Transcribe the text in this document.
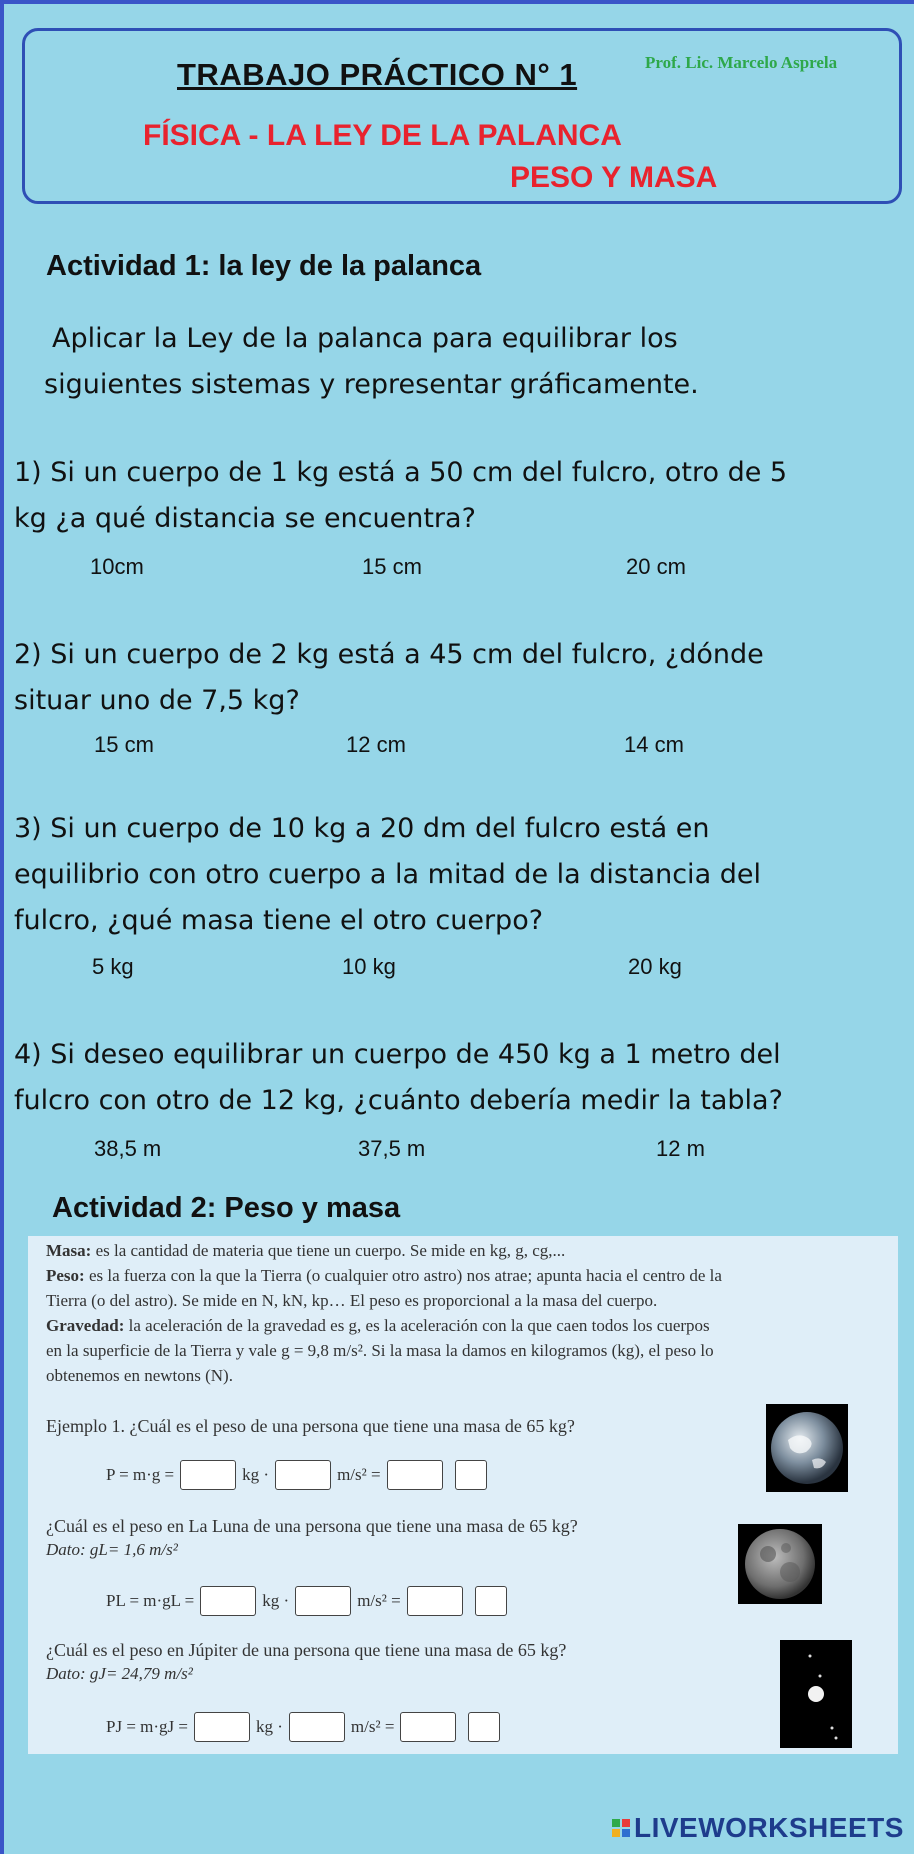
TRABAJO PRÁCTICO N° 1	Prof. Lic. Marcelo Asprela
FÍSICA - LA LEY DE LA PALANCA
PESO Y MASA
Actividad 1: la ley de la palanca
Aplicar la Ley de la palanca para equilibrar los
siguientes sistemas y representar gráficamente.
1) Si un cuerpo de 1 kg está a 50 cm del fulcro, otro de 5
kg ¿a qué distancia se encuentra?
10cm	15 cm	20 cm
2) Si un cuerpo de 2 kg está a 45 cm del fulcro, ¿dónde
situar uno de 7,5 kg?
15 cm	12 cm	14 cm
3) Si un cuerpo de 10 kg a 20 dm del fulcro está en
equilibrio con otro cuerpo a la mitad de la distancia del
fulcro, ¿qué masa tiene el otro cuerpo?
5 kg	10 kg	20 kg
4) Si deseo equilibrar un cuerpo de 450 kg a 1 metro del
fulcro con otro de 12 kg, ¿cuánto debería medir la tabla?
38,5 m	37,5 m	12 m
Actividad 2: Peso y masa
Masa: es la cantidad de materia que tiene un cuerpo. Se mide en kg, g, cg,...
Peso: es la fuerza con la que la Tierra (o cualquier otro astro) nos atrae; apunta hacia el centro de la
Tierra (o del astro). Se mide en N, kN, kp… El peso es proporcional a la masa del cuerpo.
Gravedad: la aceleración de la gravedad es g, es la aceleración con la que caen todos los cuerpos
en la superficie de la Tierra y vale g = 9,8 m/s². Si la masa la damos en kilogramos (kg), el peso lo
obtenemos en newtons (N).
Ejemplo 1. ¿Cuál es el peso de una persona que tiene una masa de 65 kg?
P = m·g =	kg ·	m/s² =
¿Cuál es el peso en La Luna de una persona que tiene una masa de 65 kg?
Dato: gL= 1,6 m/s²
PL = m·gL =	kg ·	m/s² =
¿Cuál es el peso en Júpiter de una persona que tiene una masa de 65 kg?
Dato: gJ= 24,79 m/s²
PJ = m·gJ =	kg ·	m/s² =
LIVEWORKSHEETS
